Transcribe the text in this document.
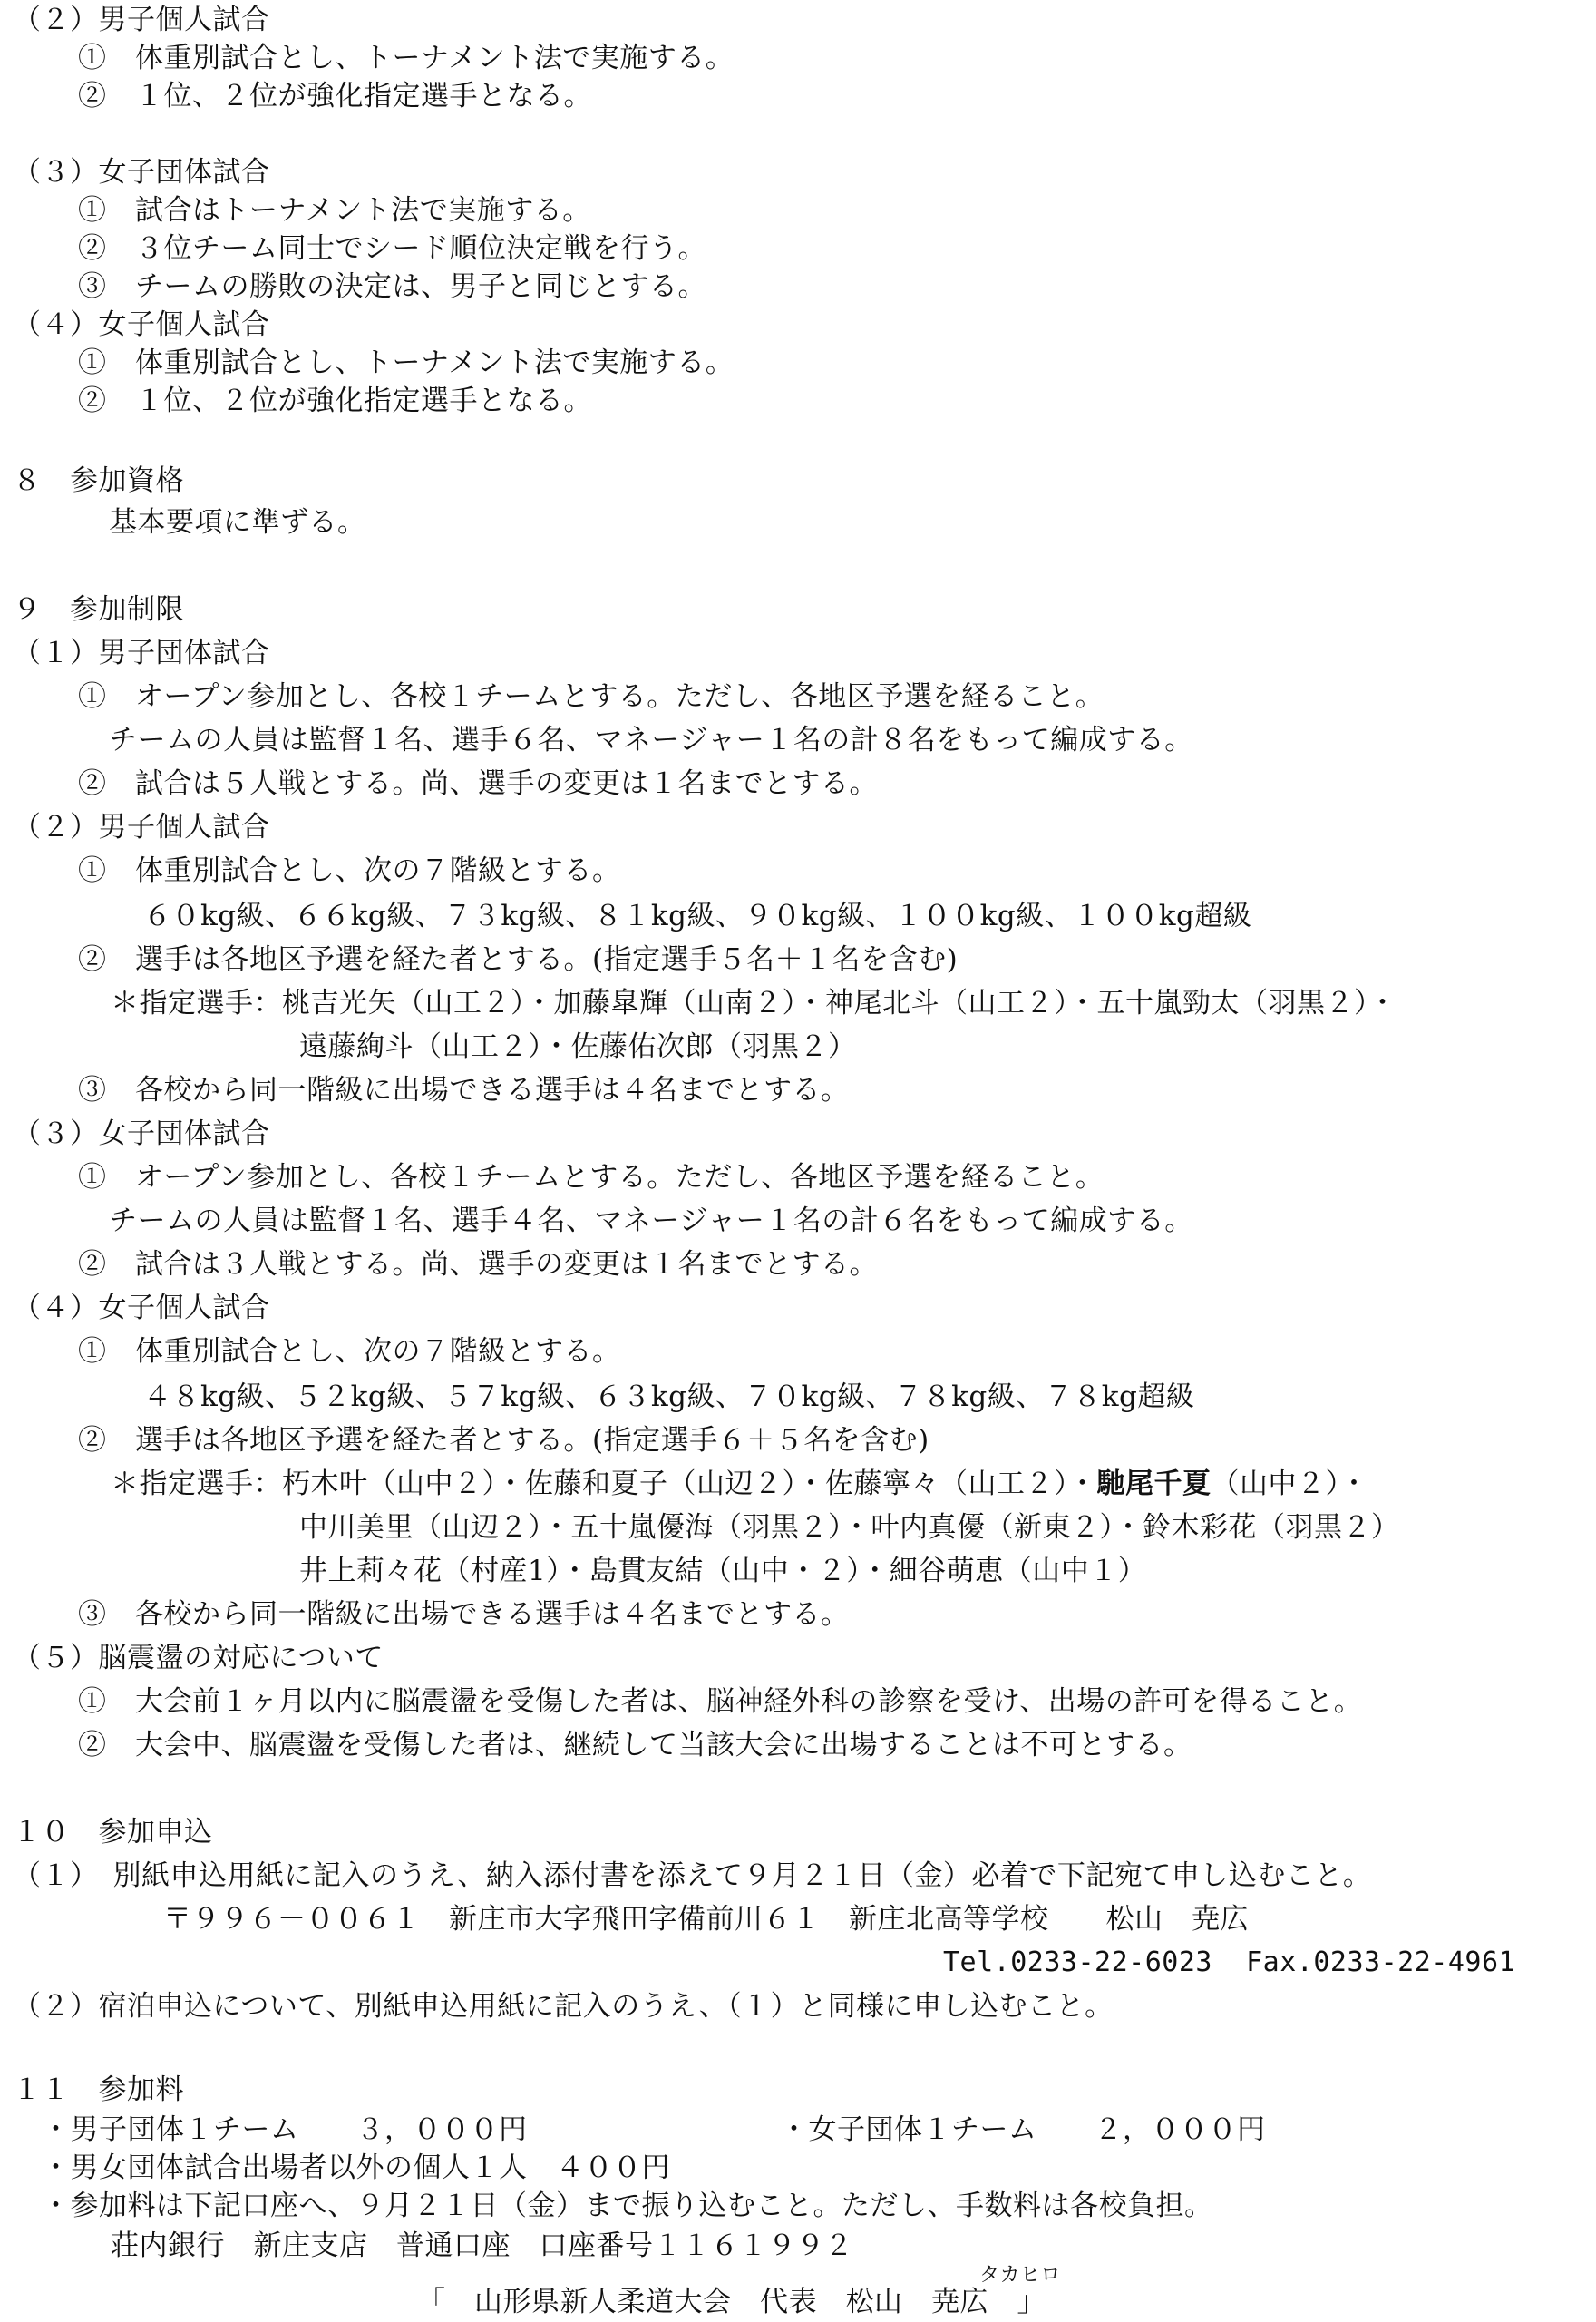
（２）男子個人試合
①　体重別試合とし、トーナメント法で実施する。
②　１位、２位が強化指定選手となる。
（３）女子団体試合
①　試合はトーナメント法で実施する。
②　３位チーム同士でシード順位決定戦を行う。
③　チームの勝敗の決定は、男子と同じとする。
（４）女子個人試合
①　体重別試合とし、トーナメント法で実施する。
②　１位、２位が強化指定選手となる。
８　参加資格
基本要項に準ずる。
９　参加制限
（１）男子団体試合
①　オープン参加とし、各校１チームとする。ただし、各地区予選を経ること。
チームの人員は監督１名、選手６名、マネージャー１名の計８名をもって編成する。
②　試合は５人戦とする。尚、選手の変更は１名までとする。
（２）男子個人試合
①　体重別試合とし、次の７階級とする。
６０kg級、６６kg級、７３kg級、８１kg級、９０kg級、１００kg級、１００kg超級
②　選手は各地区予選を経た者とする。(指定選手５名＋１名を含む)
＊指定選手：桃吉光矢（山工２）・加藤皐輝（山南２）・神尾北斗（山工２）・五十嵐勁太（羽黒２）・
遠藤絢斗（山工２）・佐藤佑次郎（羽黒２）
③　各校から同一階級に出場できる選手は４名までとする。
（３）女子団体試合
①　オープン参加とし、各校１チームとする。ただし、各地区予選を経ること。
チームの人員は監督１名、選手４名、マネージャー１名の計６名をもって編成する。
②　試合は３人戦とする。尚、選手の変更は１名までとする。
（４）女子個人試合
①　体重別試合とし、次の７階級とする。
４８kg級、５２kg級、５７kg級、６３kg級、７０kg級、７８kg級、７８kg超級
②　選手は各地区予選を経た者とする。(指定選手６＋５名を含む)
＊指定選手：朽木叶（山中２）・佐藤和夏子（山辺２）・佐藤寧々（山工２）・馳尾千夏（山中２）・
中川美里（山辺２）・五十嵐優海（羽黒２）・叶内真優（新東２）・鈴木彩花（羽黒２）
井上莉々花（村産1）・島貫友結（山中・２）・細谷萌恵（山中１）
③　各校から同一階級に出場できる選手は４名までとする。
（５）脳震盪の対応について
①　大会前１ヶ月以内に脳震盪を受傷した者は、脳神経外科の診察を受け、出場の許可を得ること。
②　大会中、脳震盪を受傷した者は、継続して当該大会に出場することは不可とする。
１０　参加申込
（１）　別紙申込用紙に記入のうえ、納入添付書を添えて９月２１日（金）必着で下記宛て申し込むこと。
〒９９６－００６１　新庄市大字飛田字備前川６１　新庄北高等学校　　松山　尭広
Tel.0233-22-6023  Fax.0233-22-4961
（２）宿泊申込について、別紙申込用紙に記入のうえ、（１）と同様に申し込むこと。
１１　参加料
・男子団体１チーム　　３，０００円	・女子団体１チーム　　２，０００円
・男女団体試合出場者以外の個人１人　４００円
・参加料は下記口座へ、９月２１日（金）まで振り込むこと。ただし、手数料は各校負担。
荘内銀行　新庄支店　普通口座　口座番号１１６１９９２
タカヒロ
「　山形県新人柔道大会　代表　松山　尭広　」
